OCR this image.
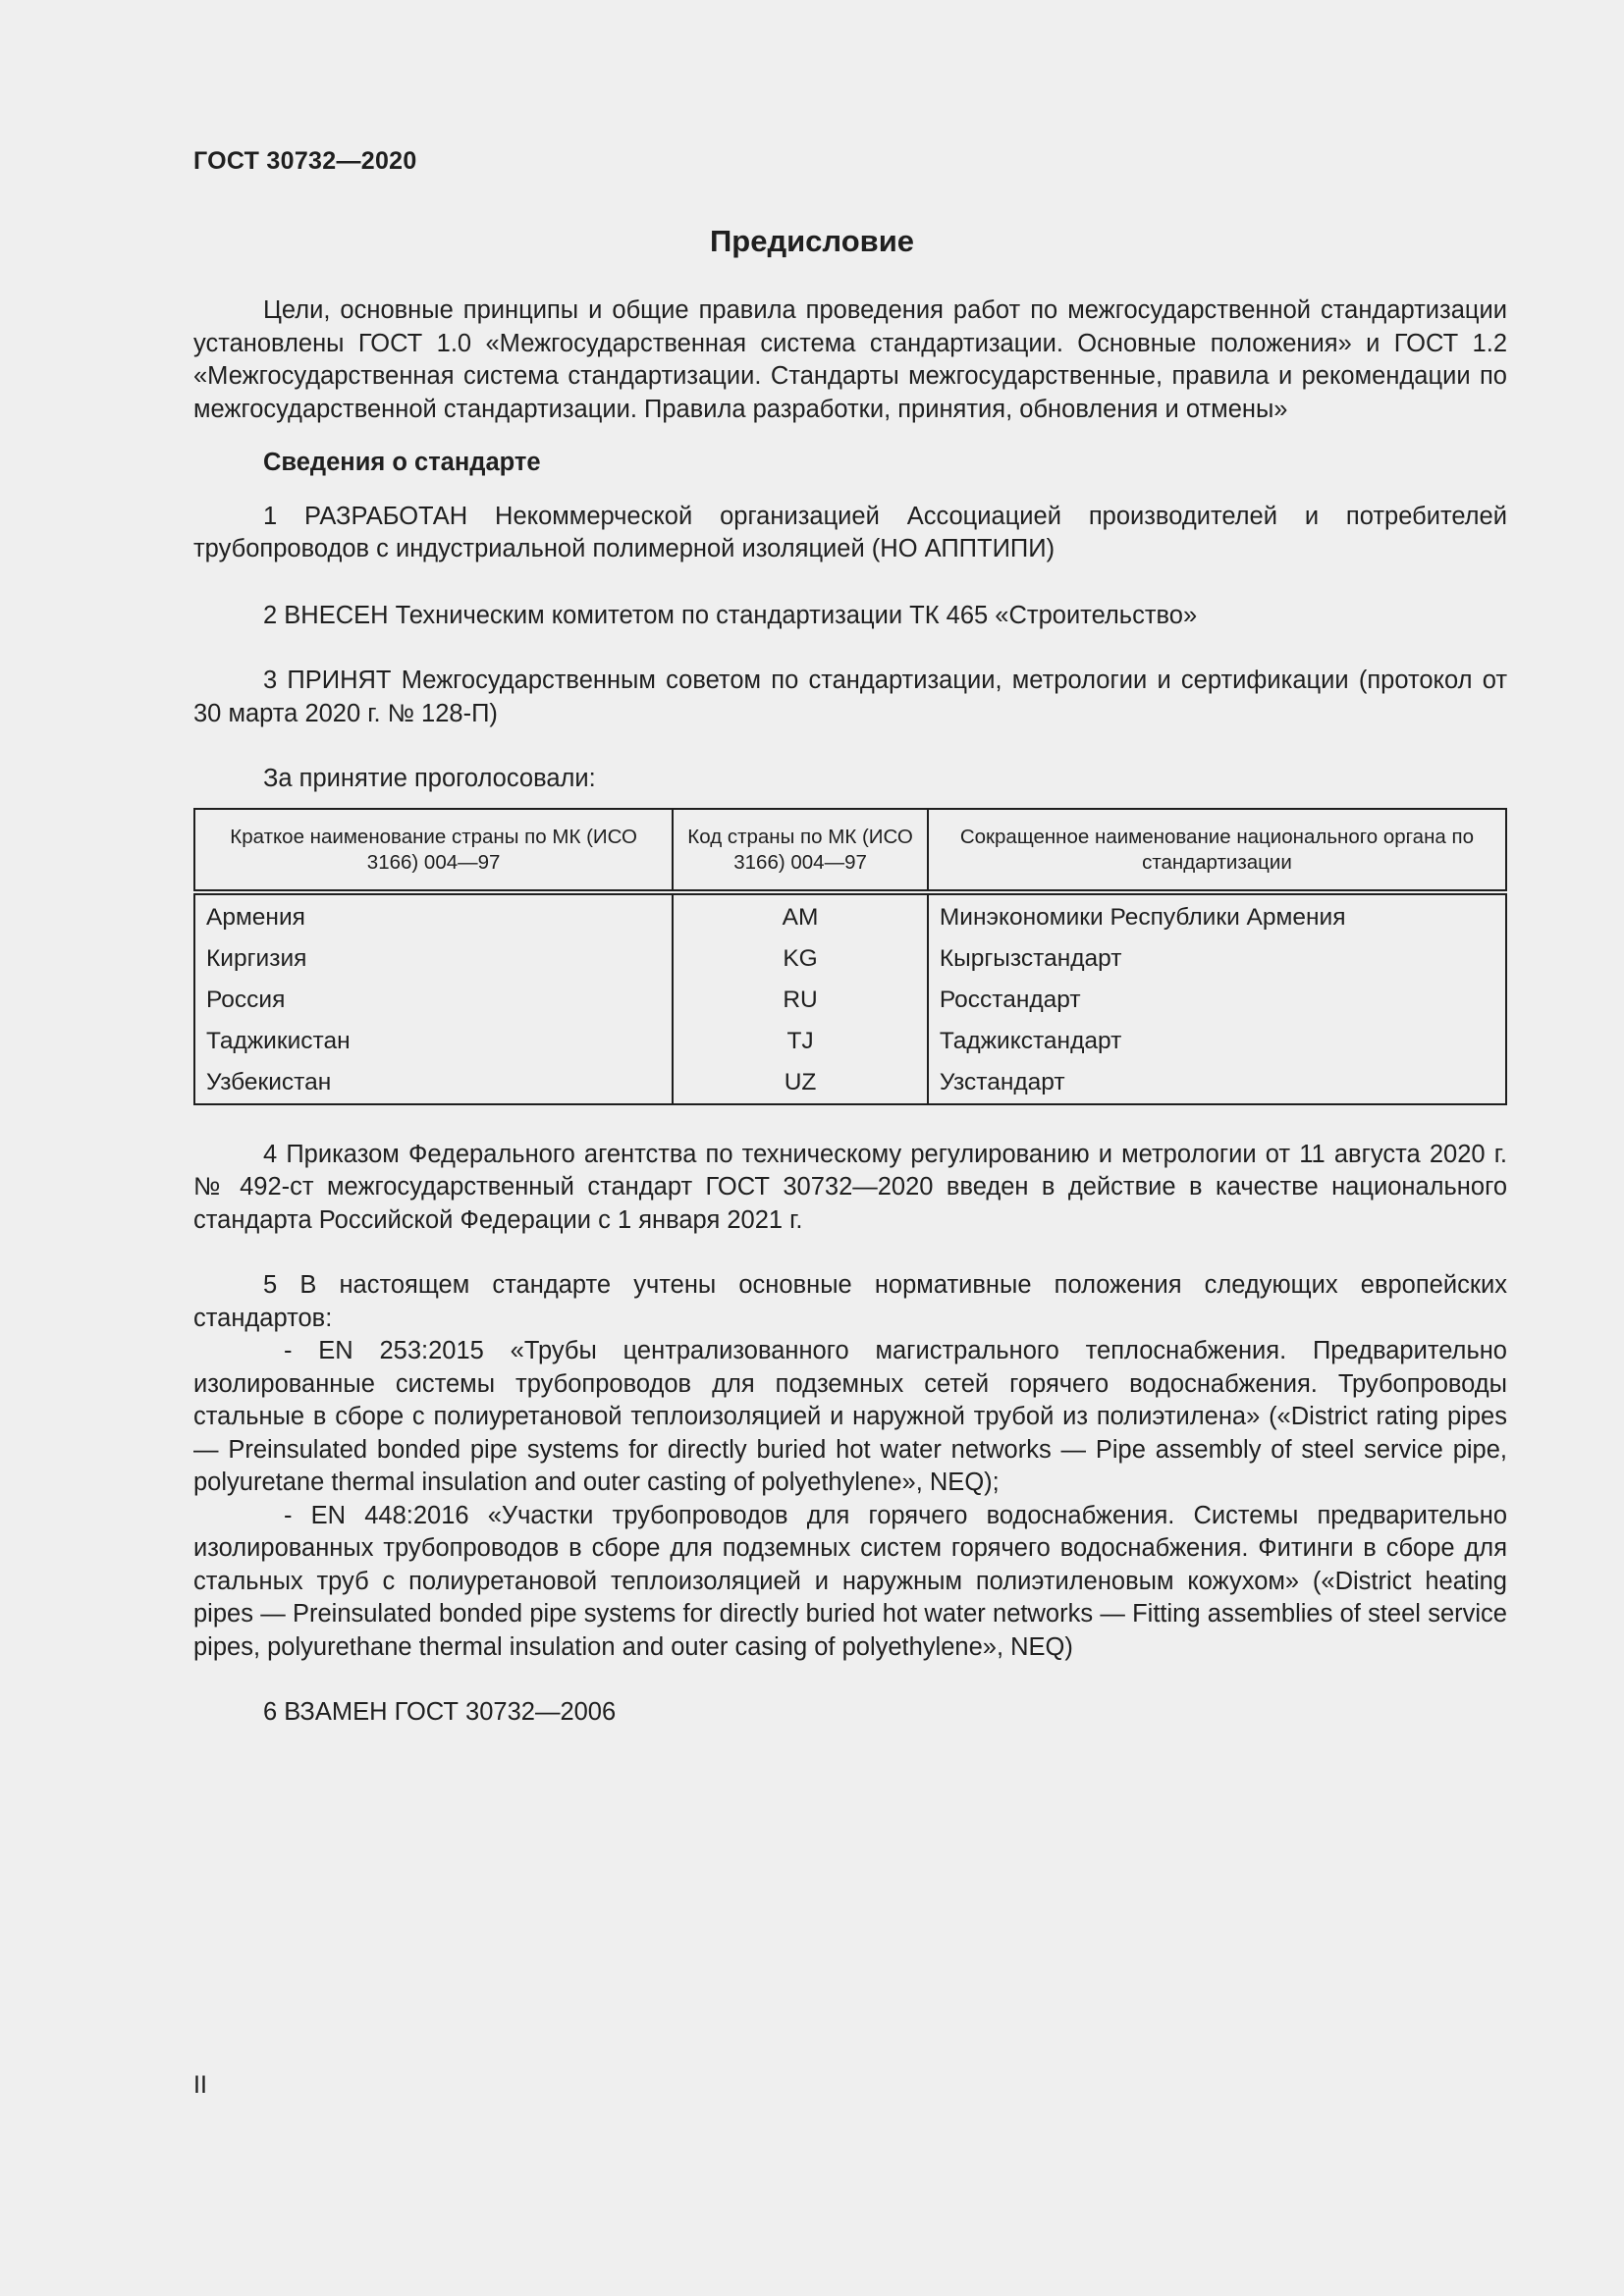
ГОСТ 30732—2020
Предисловие

Цели, основные принципы и общие правила проведения работ по межгосударственной стандартизации установлены ГОСТ 1.0 «Межгосударственная система стандартизации. Основные положения» и ГОСТ 1.2 «Межгосударственная система стандартизации. Стандарты межгосударственные, правила и рекомендации по межгосударственной стандартизации. Правила разработки, принятия, обновления и отмены»

Сведения о стандарте

1 РАЗРАБОТАН Некоммерческой организацией Ассоциацией производителей и потребителей трубопроводов с индустриальной полимерной изоляцией (НО АППТИПИ)

2 ВНЕСЕН Техническим комитетом по стандартизации ТК 465 «Строительство»

3 ПРИНЯТ Межгосударственным советом по стандартизации, метрологии и сертификации (протокол от 30 марта 2020 г. № 128-П)

За принятие проголосовали:

Краткое наименование страны по МК (ИСО 3166) 004—97	Код страны по МК (ИСО 3166) 004—97	Сокращенное наименование национального органа по стандартизации
Армения	AM	Минэкономики Республики Армения
Киргизия	KG	Кыргызстандарт
Россия	RU	Росстандарт
Таджикистан	TJ	Таджикстандарт
Узбекистан	UZ	Узстандарт

4 Приказом Федерального агентства по техническому регулированию и метрологии от 11 августа 2020 г. № 492-ст межгосударственный стандарт ГОСТ 30732—2020 введен в действие в качестве национального стандарта Российской Федерации с 1 января 2021 г.

5 В настоящем стандарте учтены основные нормативные положения следующих европейских стандартов:

- EN 253:2015 «Трубы централизованного магистрального теплоснабжения. Предварительно изолированные системы трубопроводов для подземных сетей горячего водоснабжения. Трубопроводы стальные в сборе с полиуретановой теплоизоляцией и наружной трубой из полиэтилена» («District rating pipes — Preinsulated bonded pipe systems for directly buried hot water networks — Pipe assembly of steel service pipe, polyuretane thermal insulation and outer casting of polyethylene», NEQ);

- EN 448:2016 «Участки трубопроводов для горячего водоснабжения. Системы предварительно изолированных трубопроводов в сборе для подземных систем горячего водоснабжения. Фитинги в сборе для стальных труб с полиуретановой теплоизоляцией и наружным полиэтиленовым кожухом» («District heating pipes — Preinsulated bonded pipe systems for directly buried hot water networks — Fitting assemblies of steel service pipes, polyurethane thermal insulation and outer casing of polyethylene», NEQ)

6 ВЗАМЕН ГОСТ 30732—2006

II
